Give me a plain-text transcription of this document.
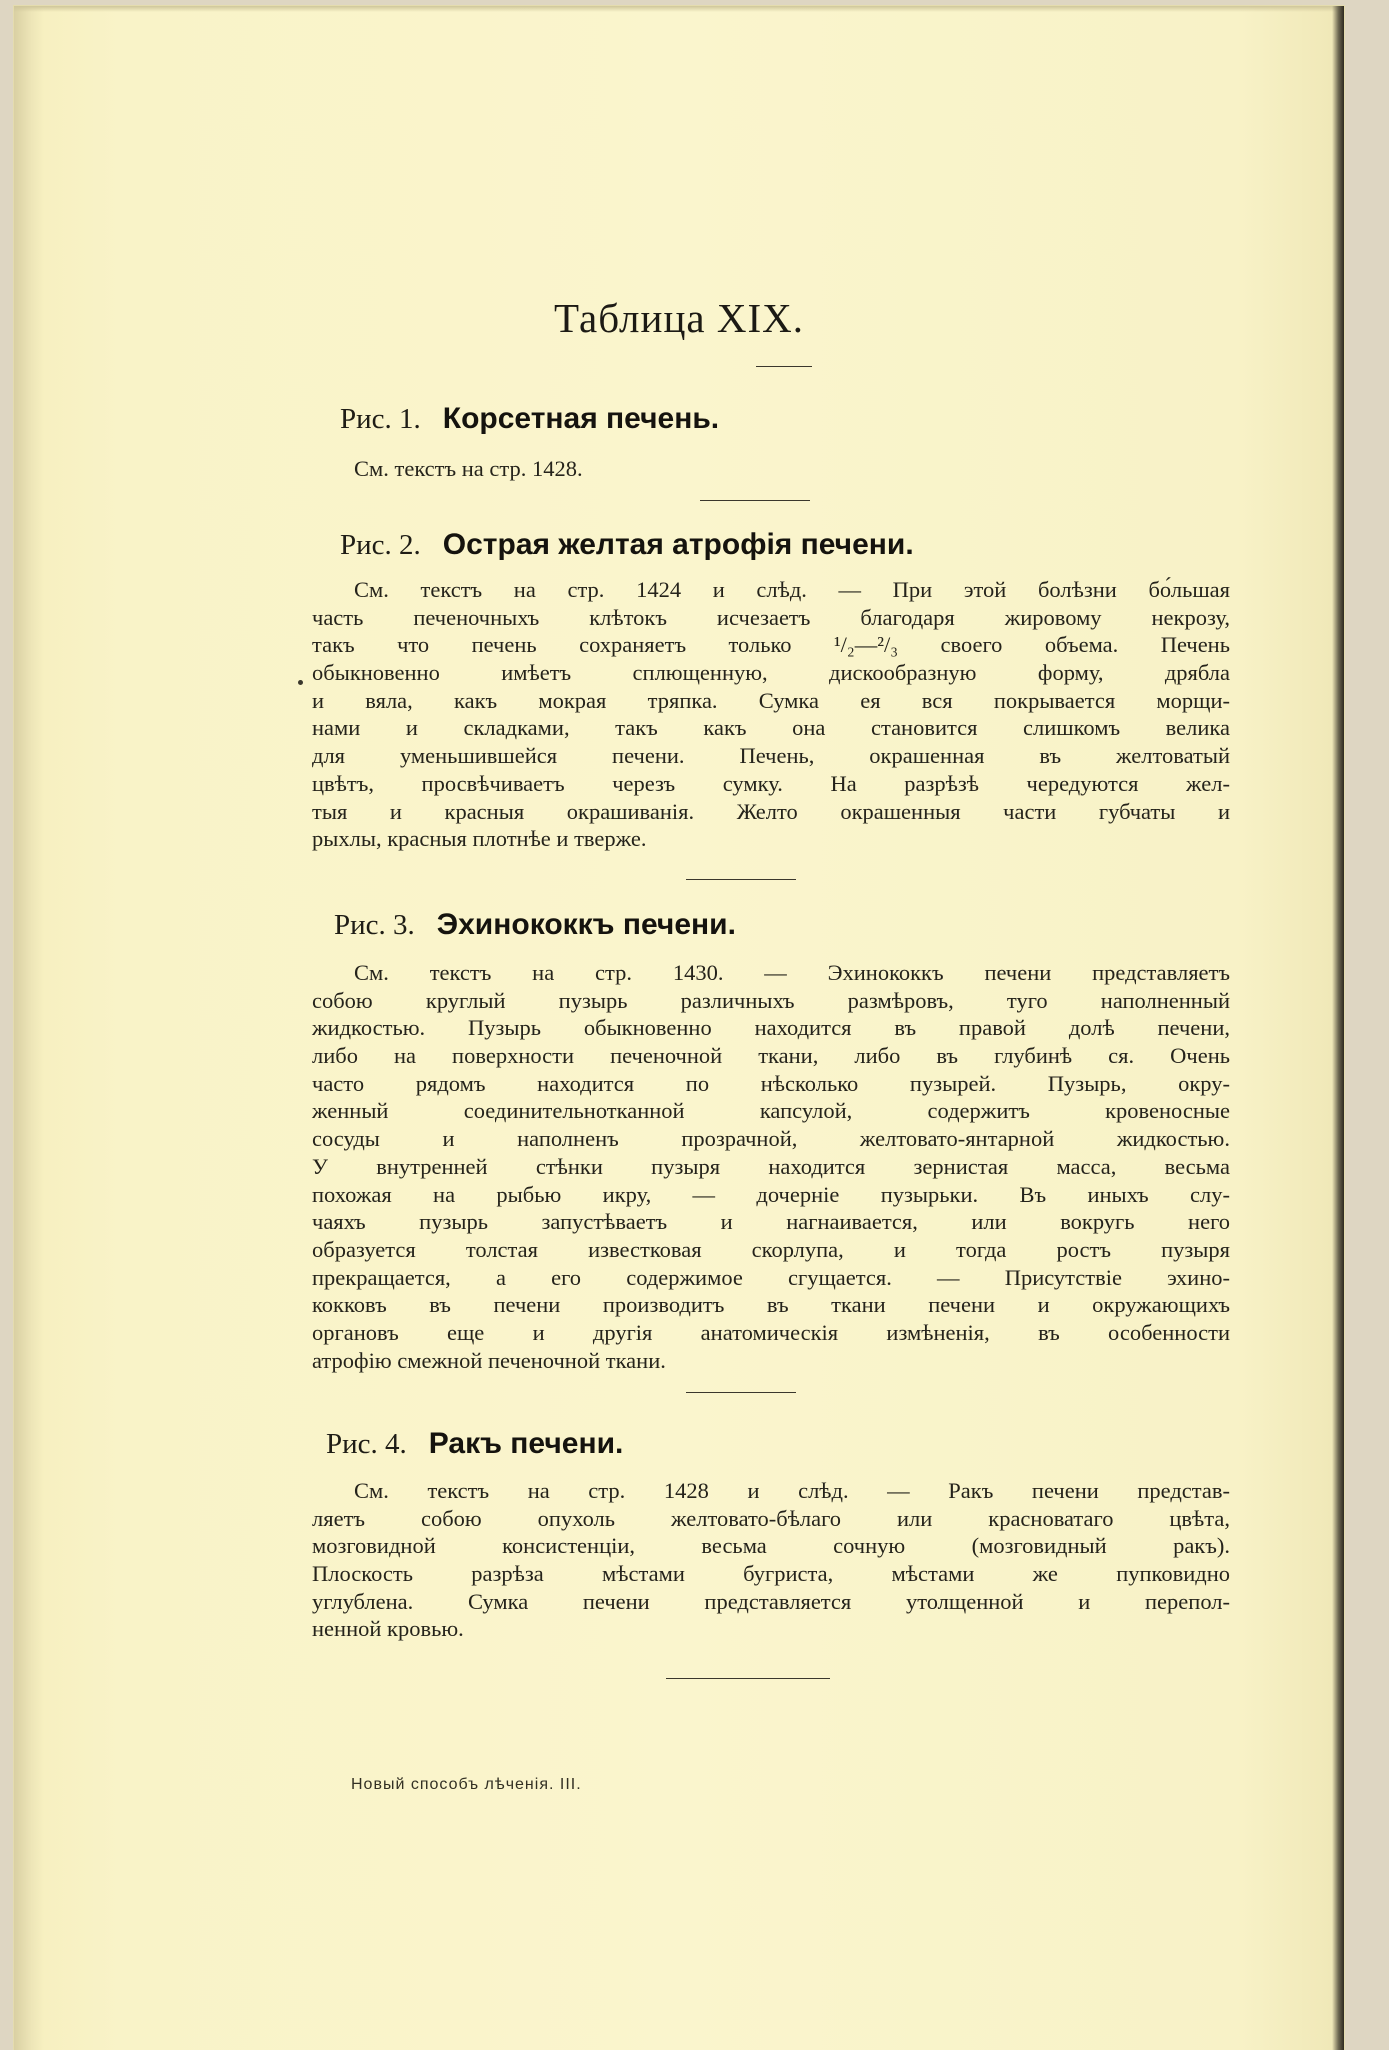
Таблица XIX.
Рис. 1. Корсетная печень.
См. текстъ на стр. 1428.
Рис. 2. Острая желтая атрофія печени.
См. текстъ на стр. 1424 и слѣд. — При этой болѣзни бо́льшая
часть печеночныхъ клѣтокъ исчезаетъ благодаря жировому некрозу,
такъ что печень сохраняетъ только ¹/₂—²/₃ своего объема. Печень
обыкновенно имѣетъ сплющенную, дискообразную форму, дрябла
и вяла, какъ мокрая тряпка. Сумка ея вся покрывается морщи-
нами и складками, такъ какъ она становится слишкомъ велика
для уменьшившейся печени. Печень, окрашенная въ желтоватый
цвѣтъ, просвѣчиваетъ черезъ сумку. На разрѣзѣ чередуются жел-
тыя и красныя окрашиванія. Желто окрашенныя части губчаты и
рыхлы, красныя плотнѣе и тверже.
Рис. 3. Эхинококкъ печени.
См. текстъ на стр. 1430. — Эхинококкъ печени представляетъ
собою круглый пузырь различныхъ размѣровъ, туго наполненный
жидкостью. Пузырь обыкновенно находится въ правой долѣ печени,
либо на поверхности печеночной ткани, либо въ глубинѣ ся. Очень
часто рядомъ находится по нѣсколько пузырей. Пузырь, окру-
женный соединительнотканной капсулой, содержитъ кровеносные
сосуды и наполненъ прозрачной, желтовато-янтарной жидкостью.
У внутренней стѣнки пузыря находится зернистая масса, весьма
похожая на рыбью икру, — дочерніе пузырьки. Въ иныхъ слу-
чаяхъ пузырь запустѣваетъ и нагнаивается, или вокругь него
образуется толстая известковая скорлупа, и тогда ростъ пузыря
прекращается, а его содержимое сгущается. — Присутствіе эхино-
кокковъ въ печени производитъ въ ткани печени и окружающихъ
органовъ еще и другія анатомическія измѣненія, въ особенности
атрофію смежной печеночной ткани.
Рис. 4. Ракъ печени.
См. текстъ на стр. 1428 и слѣд. — Ракъ печени представ-
ляетъ собою опухоль желтовато-бѣлаго или красноватаго цвѣта,
мозговидной консистенціи, весьма сочную (мозговидный ракъ).
Плоскость разрѣза мѣстами бугриста, мѣстами же пупковидно
углублена. Сумка печени представляется утолщенной и перепол-
ненной кровью.
Новый способъ лѣченія. III.
